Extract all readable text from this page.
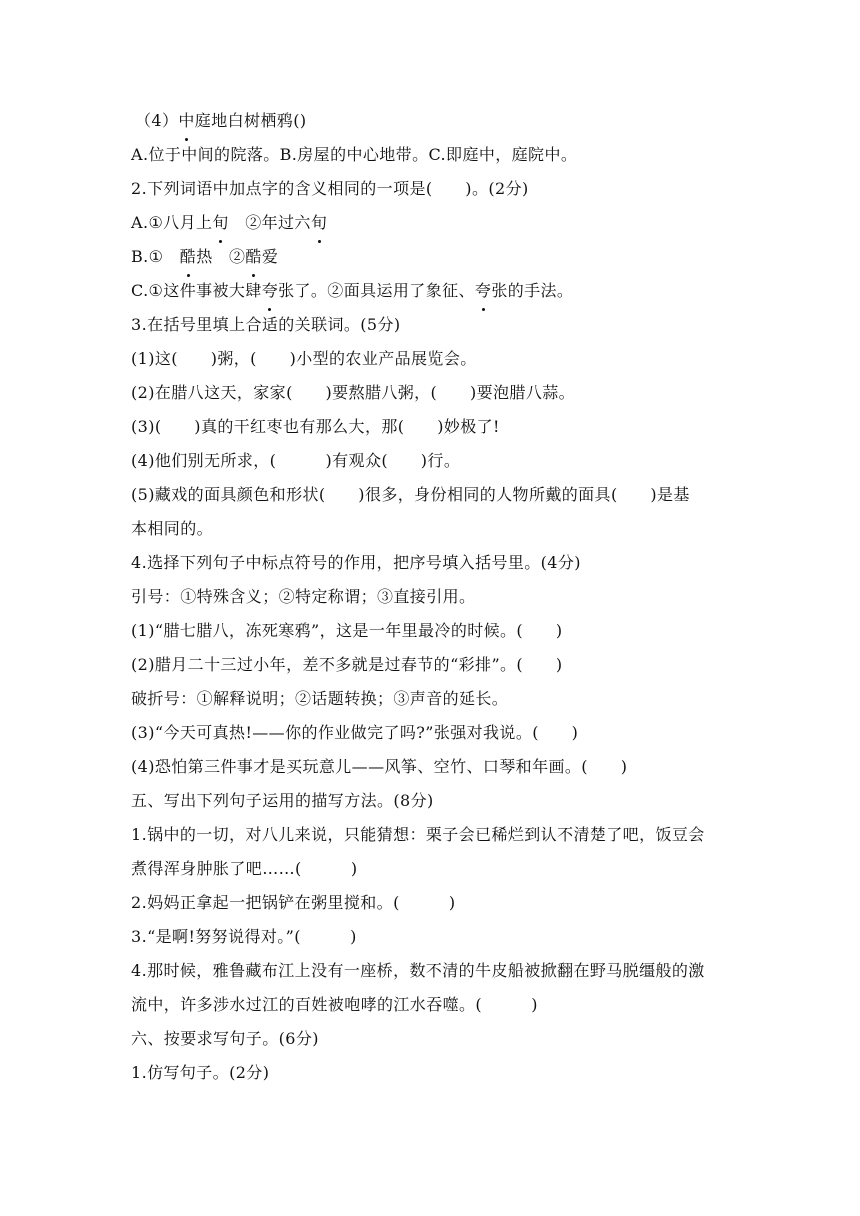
（4）中庭地白树栖鸦()
A.位于中间的院落。B.房屋的中心地带。C.即庭中，庭院中。
2.下列词语中加点字的含义相同的一项是(　　)。(2分)
A.①八月上旬　②年过六旬
B.①　酷热　②酷爱
C.①这件事被大肆夸张了。②面具运用了象征、夸张的手法。
3.在括号里填上合适的关联词。(5分)
(1)这(　　)粥，(　　)小型的农业产品展览会。
(2)在腊八这天，家家(　　)要熬腊八粥，(　　)要泡腊八蒜。
(3)(　　)真的干红枣也有那么大，那(　　)妙极了!
(4)他们别无所求，(　　　)有观众(　　)行。
(5)藏戏的面具颜色和形状(　　)很多，身份相同的人物所戴的面具(　　)是基
本相同的。
4.选择下列句子中标点符号的作用，把序号填入括号里。(4分)
引号：①特殊含义；②特定称谓；③直接引用。
(1)“腊七腊八，冻死寒鸦”，这是一年里最冷的时候。(　　)
(2)腊月二十三过小年，差不多就是过春节的“彩排”。(　　)
破折号：①解释说明；②话题转换；③声音的延长。
(3)“今天可真热!——你的作业做完了吗?”张强对我说。(　　)
(4)恐怕第三件事才是买玩意儿——风筝、空竹、口琴和年画。(　　)
五、写出下列句子运用的描写方法。(8分)
1.锅中的一切，对八儿来说，只能猜想：栗子会已稀烂到认不清楚了吧，饭豆会
煮得浑身肿胀了吧……(　　　)
2.妈妈正拿起一把锅铲在粥里搅和。(　　　)
3.“是啊!努努说得对。”(　　　)
4.那时候，雅鲁藏布江上没有一座桥，数不清的牛皮船被掀翻在野马脱缰般的激
流中，许多涉水过江的百姓被咆哮的江水吞噬。(　　　)
六、按要求写句子。(6分)
1.仿写句子。(2分)
